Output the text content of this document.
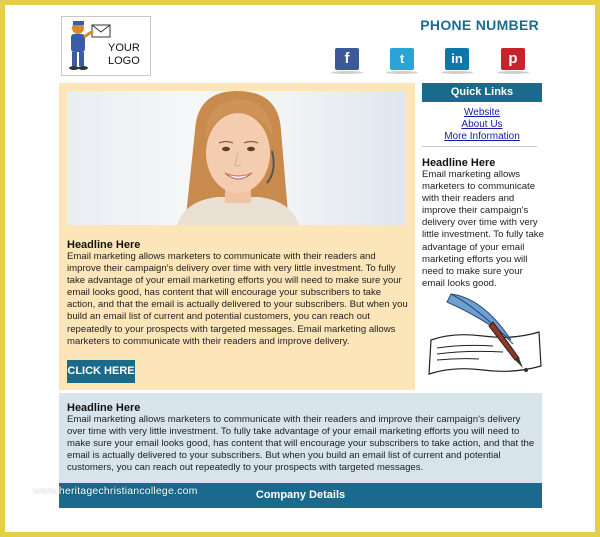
YOUR
LOGO
PHONE NUMBER
f	t	in	p
Headline Here
Email marketing allows marketers to communicate with their readers and improve their campaign's delivery over time with very little investment. To fully take advantage of your email marketing efforts you will need to make sure your email looks good, has content that will encourage your subscribers to take action, and that the email is actually delivered to your subscribers. But when you build an email list of current and potential customers, you can reach out repeatedly to your prospects with targeted messages. Email marketing allows marketers to communicate with their readers and improve delivery.
CLICK HERE
Quick Links
Website
About Us
More Information
Headline Here
Email marketing allows marketers to communicate with their readers and improve their campaign's delivery over time with very little investment. To fully take advantage of your email marketing efforts you will need to make sure your email looks good.
Headline Here
Email marketing allows marketers to communicate with their readers and improve their campaign's delivery over time with very little investment. To fully take advantage of your email marketing efforts you will need to make sure your email looks good, has content that will encourage your subscribers to take action, and that the email is actually delivered to your subscribers. But when you build an email list of current and potential customers, you can reach out repeatedly to your prospects with targeted messages.
Company Details
www.heritagechristiancollege.com
